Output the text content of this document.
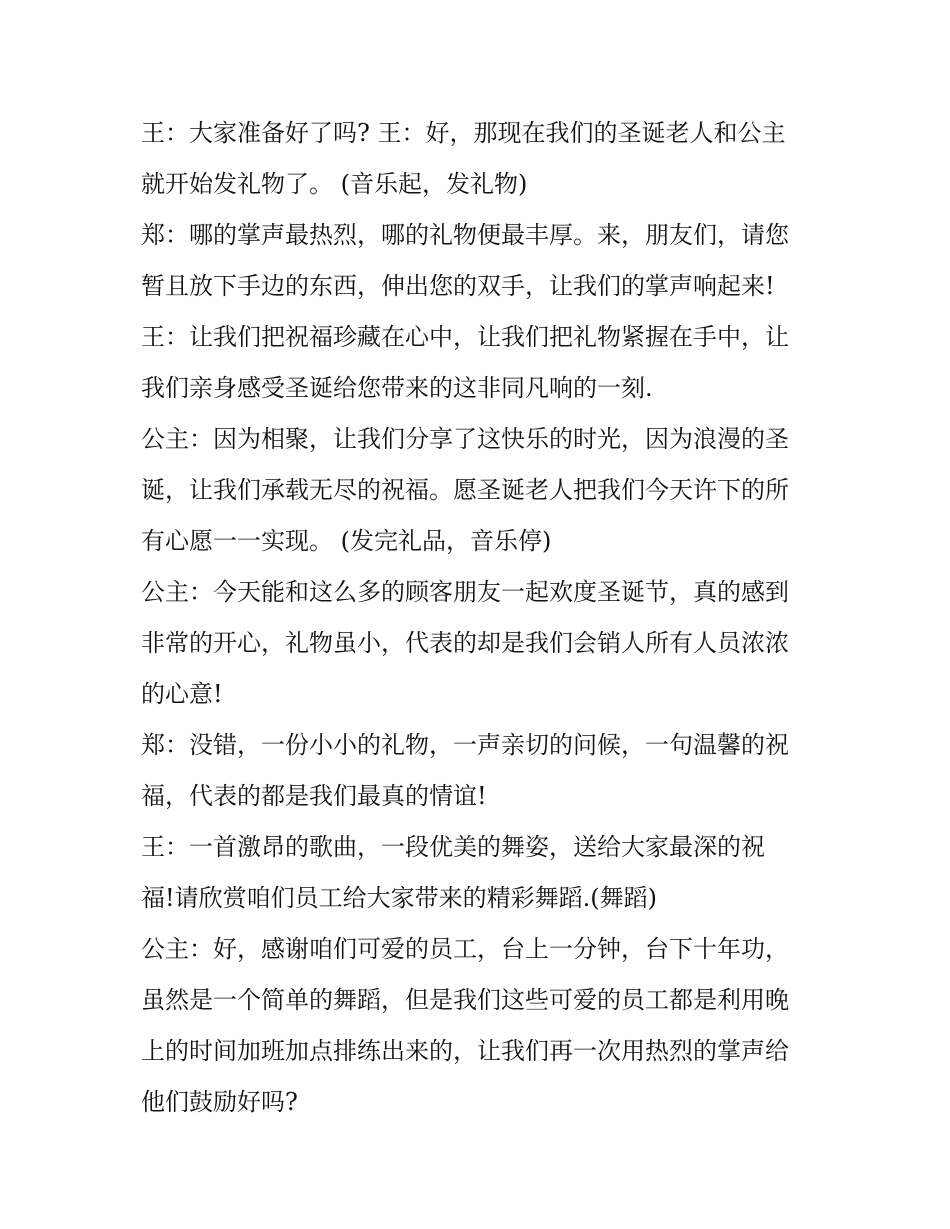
王：大家准备好了吗? 王：好，那现在我们的圣诞老人和公主
就开始发礼物了。 (音乐起，发礼物)
郑：哪的掌声最热烈，哪的礼物便最丰厚。来，朋友们，请您
暂且放下手边的东西，伸出您的双手，让我们的掌声响起来!
王：让我们把祝福珍藏在心中，让我们把礼物紧握在手中，让
我们亲身感受圣诞给您带来的这非同凡响的一刻.
公主：因为相聚，让我们分享了这快乐的时光，因为浪漫的圣
诞，让我们承载无尽的祝福。愿圣诞老人把我们今天许下的所
有心愿一一实现。 (发完礼品，音乐停)
公主：今天能和这么多的顾客朋友一起欢度圣诞节，真的感到
非常的开心，礼物虽小，代表的却是我们会销人所有人员浓浓
的心意!
郑：没错，一份小小的礼物，一声亲切的问候，一句温馨的祝
福，代表的都是我们最真的情谊!
王：一首激昂的歌曲，一段优美的舞姿，送给大家最深的祝
福!请欣赏咱们员工给大家带来的精彩舞蹈.(舞蹈)
公主：好，感谢咱们可爱的员工，台上一分钟，台下十年功，
虽然是一个简单的舞蹈，但是我们这些可爱的员工都是利用晚
上的时间加班加点排练出来的，让我们再一次用热烈的掌声给
他们鼓励好吗?
